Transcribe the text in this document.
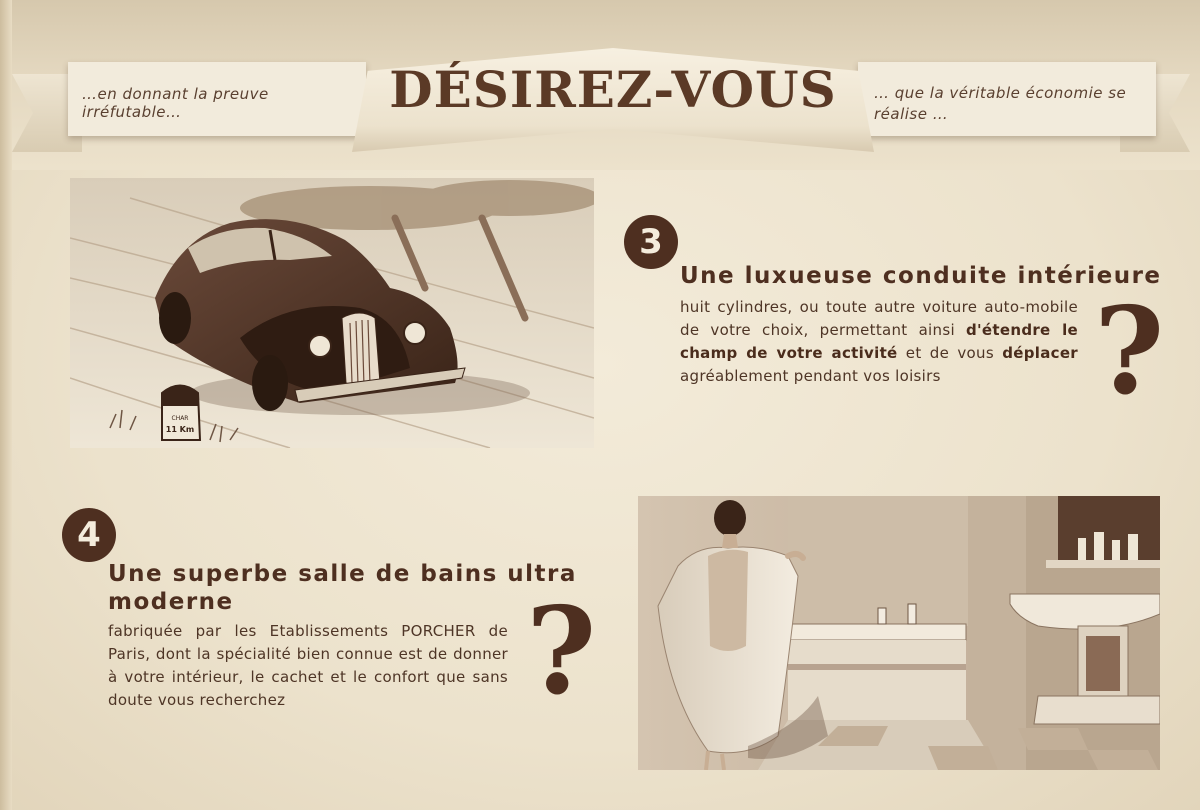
…en donnant la preuve irréfutable…
… que la véritable économie se réalise …
DÉSIREZ-VOUS
CHAR
11 Km
3
Une luxueuse conduite intérieure
huit cylindres, ou toute autre voiture auto-mobile de votre choix, permettant ainsi d'étendre le champ de votre activité et de vous déplacer agréablement pendant vos loisirs	?
4
Une superbe salle de bains ultra moderne
fabriquée par les Etablissements PORCHER de Paris, dont la spécialité bien connue est de donner à votre intérieur, le cachet et le confort que sans doute vous recherchez	?
